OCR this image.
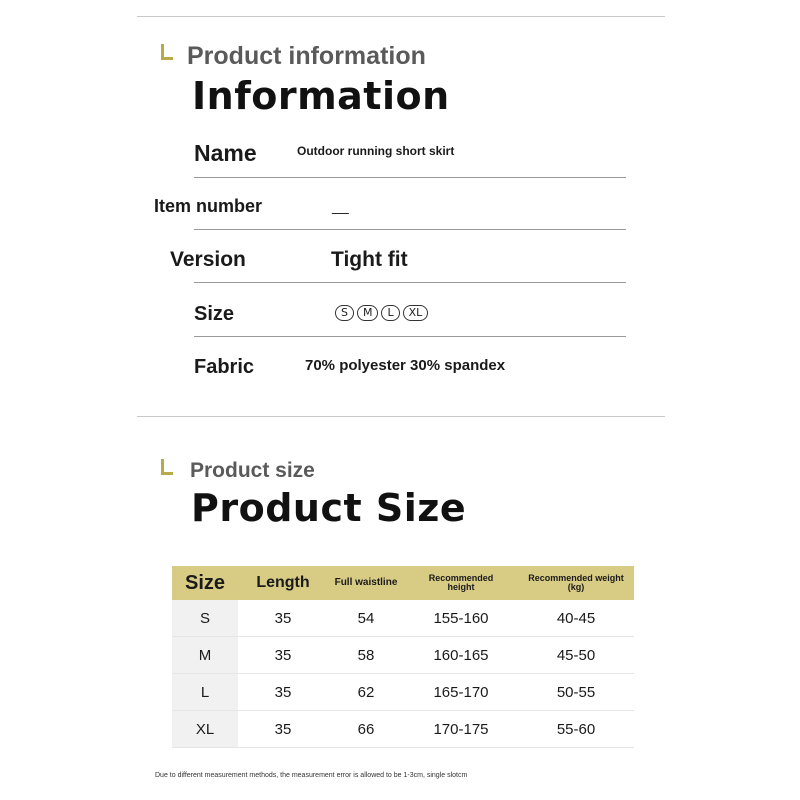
Product information
Information
Name	Outdoor running short skirt
Item number	__
Version	Tight fit
Size	S M L XL
Fabric	70% polyester 30% spandex
Product size
Product Size
Size	Length	Full waistline	Recommended height	Recommended weight (kg)
S	35	54	155-160	40-45
M	35	58	160-165	45-50
L	35	62	165-170	50-55
XL	35	66	170-175	55-60
Due to different measurement methods, the measurement error is allowed to be 1-3cm, single slotcm
